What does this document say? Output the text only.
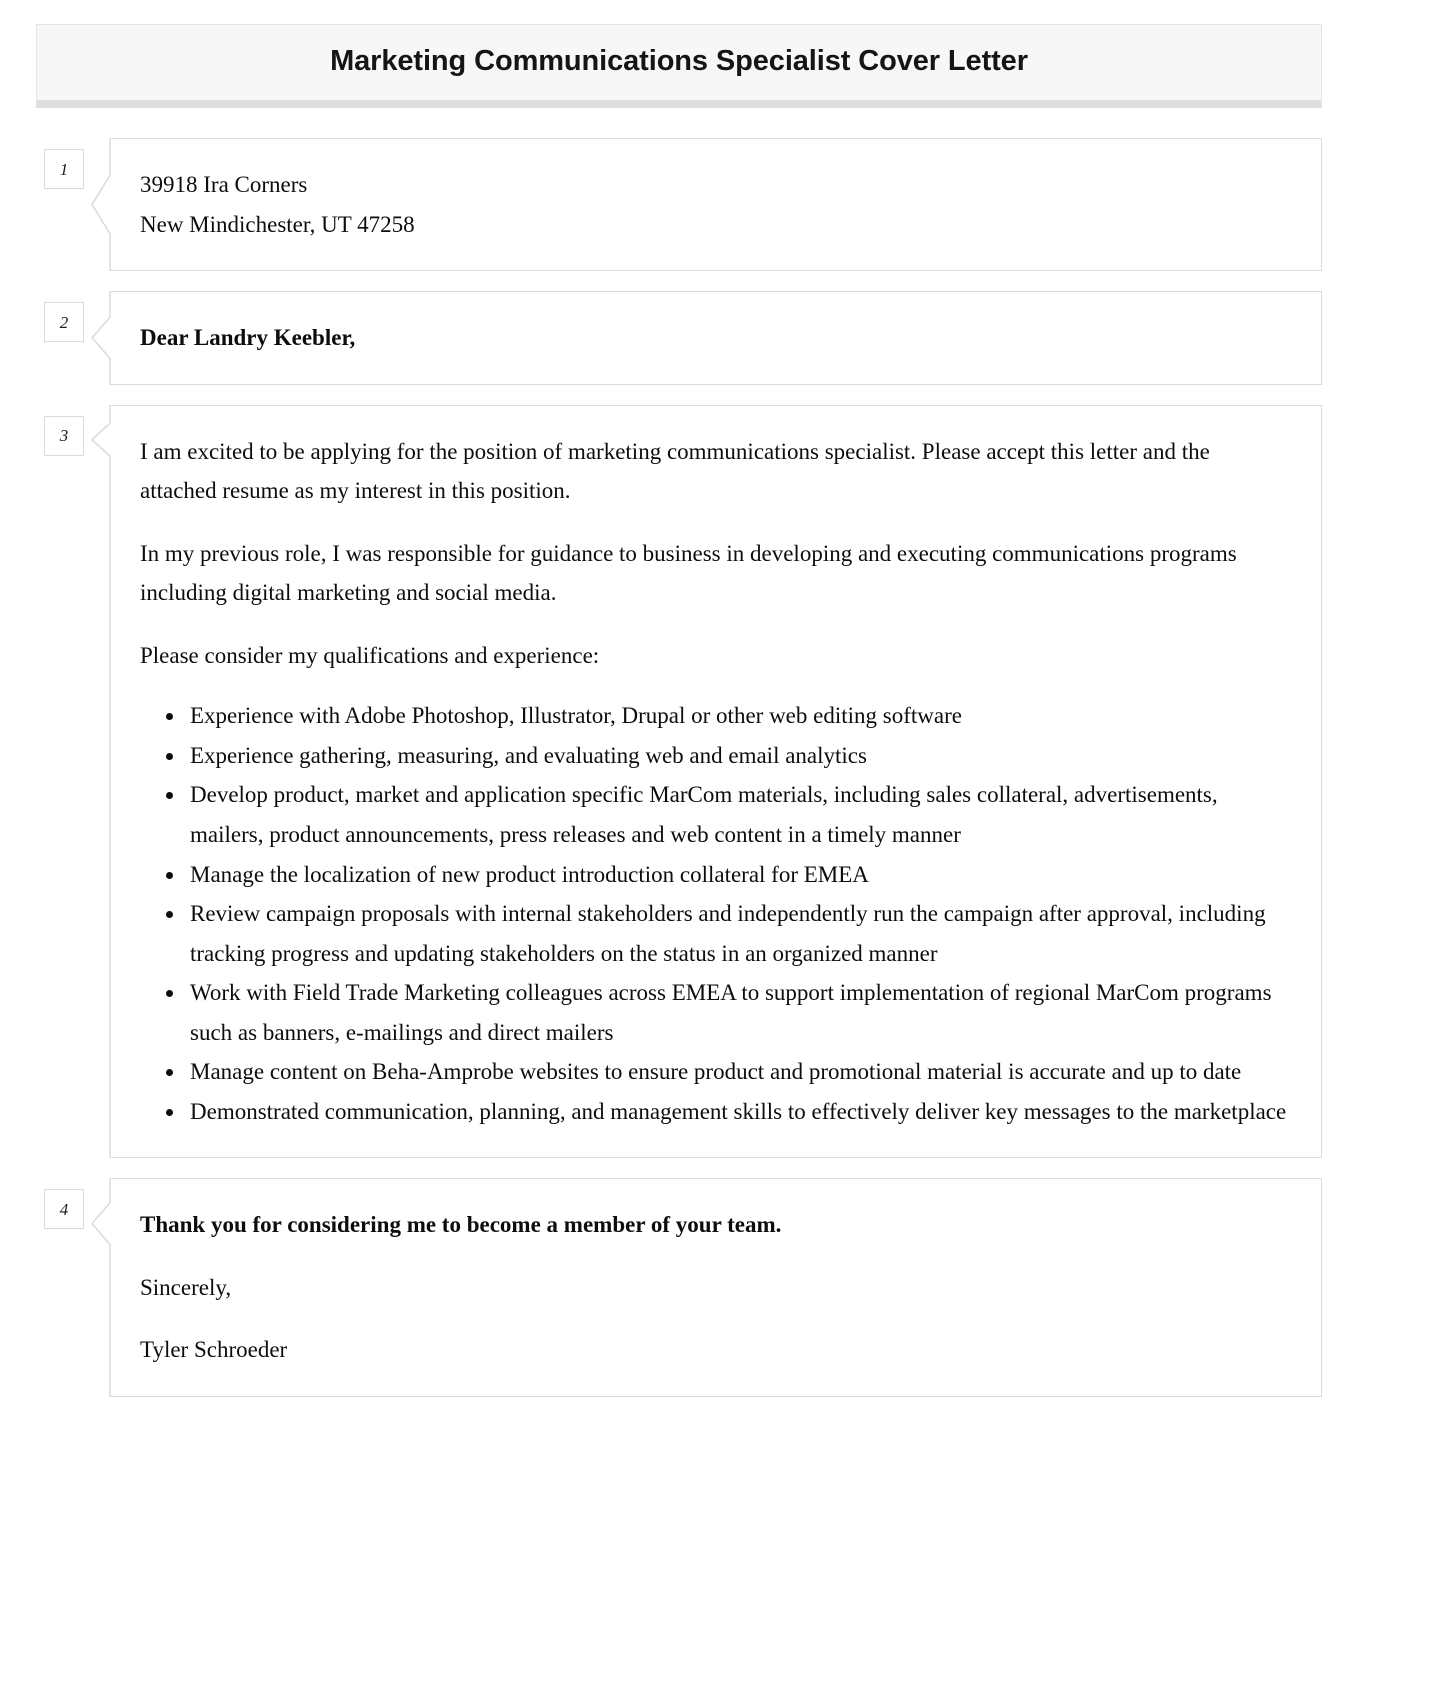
Marketing Communications Specialist Cover Letter
1

39918 Ira Corners
New Mindichester, UT 47258

2

Dear Landry Keebler,

3

I am excited to be applying for the position of marketing communications specialist. Please accept this letter and the attached resume as my interest in this position.

In my previous role, I was responsible for guidance to business in developing and executing communications programs including digital marketing and social media.

Please consider my qualifications and experience:

• Experience with Adobe Photoshop, Illustrator, Drupal or other web editing software
• Experience gathering, measuring, and evaluating web and email analytics
• Develop product, market and application specific MarCom materials, including sales collateral, advertisements, mailers, product announcements, press releases and web content in a timely manner
• Manage the localization of new product introduction collateral for EMEA
• Review campaign proposals with internal stakeholders and independently run the campaign after approval, including tracking progress and updating stakeholders on the status in an organized manner
• Work with Field Trade Marketing colleagues across EMEA to support implementation of regional MarCom programs such as banners, e-mailings and direct mailers
• Manage content on Beha-Amprobe websites to ensure product and promotional material is accurate and up to date
• Demonstrated communication, planning, and management skills to effectively deliver key messages to the marketplace
4

Thank you for considering me to become a member of your team.

Sincerely,

Tyler Schroeder
